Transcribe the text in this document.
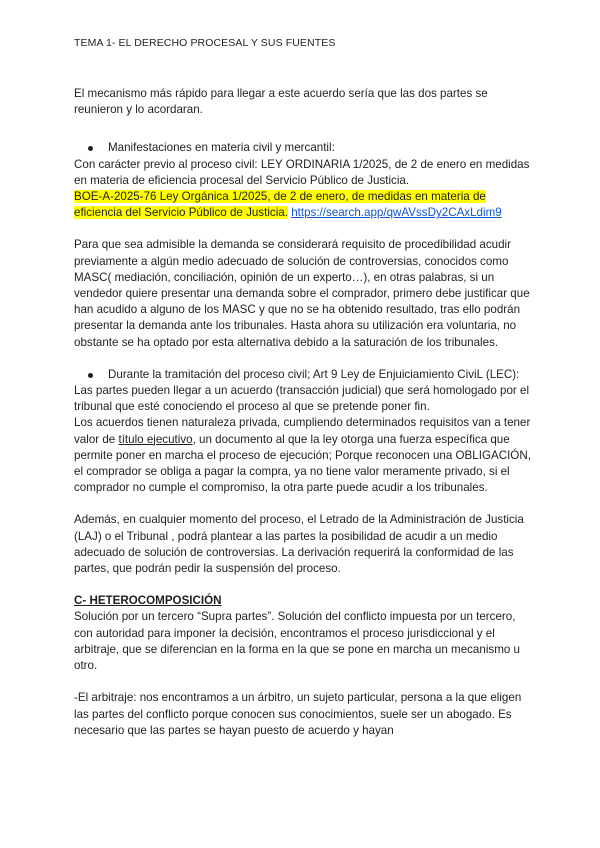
TEMA 1- EL DERECHO PROCESAL Y SUS FUENTES

El mecanismo más rápido para llegar a este acuerdo sería que las dos partes se reunieron y lo acordaran.

Manifestaciones en materia civil y mercantil:

Con carácter previo al proceso civil: LEY ORDINARIA 1/2025, de 2 de enero en medidas en materia de eficiencia procesal del Servicio Público de Justicia.

BOE-A-2025-76 Ley Orgánica 1/2025, de 2 de enero, de medidas en materia de eficiencia del Servicio Público de Justicia. https://search.app/qwAVssDy2CAxLdim9

Para que sea admisible la demanda se considerará requisito de procedibilidad acudir previamente a algún medio adecuado de solución de controversias, conocidos como MASC( mediación, conciliación, opinión de un experto…), en otras palabras, si un vendedor quiere presentar una demanda sobre el comprador, primero debe justificar que han acudido a alguno de los MASC y que no se ha obtenido resultado, tras ello podrán presentar la demanda ante los tribunales. Hasta ahora su utilización era voluntaria, no obstante se ha optado por esta alternativa debido a la saturación de los tribunales.

Durante la tramitación del proceso civil; Art 9 Ley de Enjuiciamiento CiviL (LEC):

Las partes pueden llegar a un acuerdo (transacción judicial) que será homologado por el tribunal que esté conociendo el proceso al que se pretende poner fin.

Los acuerdos tienen naturaleza privada, cumpliendo determinados requisitos van a tener valor de título ejecutivo, un documento al que la ley otorga una fuerza específica que permite poner en marcha el proceso de ejecución; Porque reconocen una OBLIGACIÓN, el comprador se obliga a pagar la compra, ya no tiene valor meramente privado, si el comprador no cumple el compromiso, la otra parte puede acudir a los tribunales.

Además, en cualquier momento del proceso, el Letrado de la Administración de Justicia (LAJ) o el Tribunal , podrá plantear a las partes la posibilidad de acudir a un medio adecuado de solución de controversias. La derivación requerirá la conformidad de las partes, que podrán pedir la suspensión del proceso.

C- HETEROCOMPOSICIÓN

Solución por un tercero “Supra partes”. Solución del conflicto impuesta por un tercero, con autoridad para imponer la decisión, encontramos el proceso jurisdiccional y el arbitraje, que se diferencian en la forma en la que se pone en marcha un mecanismo u otro.

-El arbitraje: nos encontramos a un árbitro, un sujeto particular, persona a la que eligen las partes del conflicto porque conocen sus conocimientos, suele ser un abogado. Es necesario que las partes se hayan puesto de acuerdo y hayan
